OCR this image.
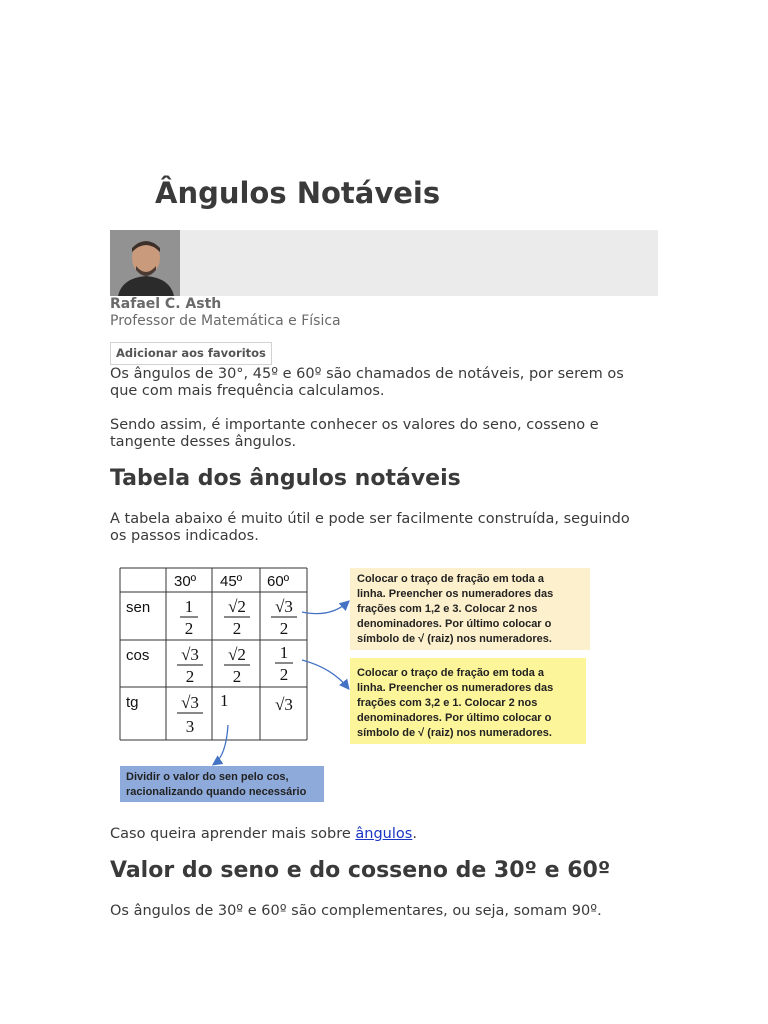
Ângulos Notáveis
Rafael C. Asth
Professor de Matemática e Física
Adicionar aos favoritos

Os ângulos de 30°, 45º e 60º são chamados de notáveis, por serem os que com mais frequência calculamos.

Sendo assim, é importante conhecer os valores do seno, cosseno e tangente desses ângulos.

Tabela dos ângulos notáveis

A tabela abaixo é muito útil e pode ser facilmente construída, seguindo os passos indicados.

30º 45º 60º
sen
cos
tg
1
2
√2
2
√3
2
√3
2
√2
2
1
2
√3
3
1	√3
Colocar o traço de fração em toda a linha. Preencher os numeradores das frações com 1,2 e 3. Colocar 2 nos denominadores. Por último colocar o símbolo de √ (raiz) nos numeradores.
Colocar o traço de fração em toda a linha. Preencher os numeradores das frações com 3,2 e 1. Colocar 2 nos denominadores. Por último colocar o símbolo de √ (raiz) nos numeradores.
Dividir o valor do sen pelo cos, racionalizando quando necessário

Caso queira aprender mais sobre ângulos.

Valor do seno e do cosseno de 30º e 60º

Os ângulos de 30º e 60º são complementares, ou seja, somam 90º.
